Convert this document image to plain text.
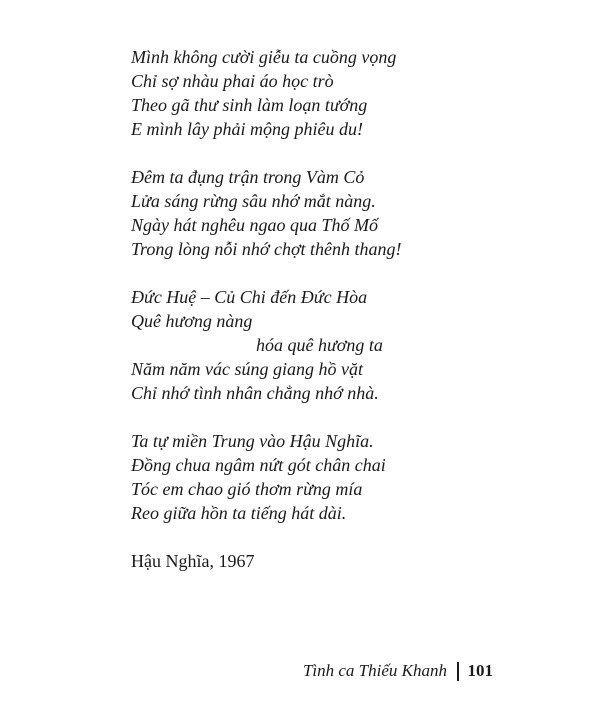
Mình không cười giễu ta cuồng vọng
Chỉ sợ nhàu phai áo học trò
Theo gã thư sinh làm loạn tướng
E mình lây phải mộng phiêu du!
Đêm ta đụng trận trong Vàm Cỏ
Lửa sáng rừng sâu nhớ mắt nàng.
Ngày hát nghêu ngao qua Thố Mố
Trong lòng nỗi nhớ chợt thênh thang!
Đức Huệ – Củ Chi đến Đức Hòa
Quê hương nàng
hóa quê hương ta
Năm năm vác súng giang hồ vặt
Chỉ nhớ tình nhân chẳng nhớ nhà.
Ta tự miền Trung vào Hậu Nghĩa.
Đồng chua ngâm nứt gót chân chai
Tóc em chao gió thơm rừng mía
Reo giữa hồn ta tiếng hát dài.
Hậu Nghĩa, 1967
Tình ca Thiếu Khanh 101
